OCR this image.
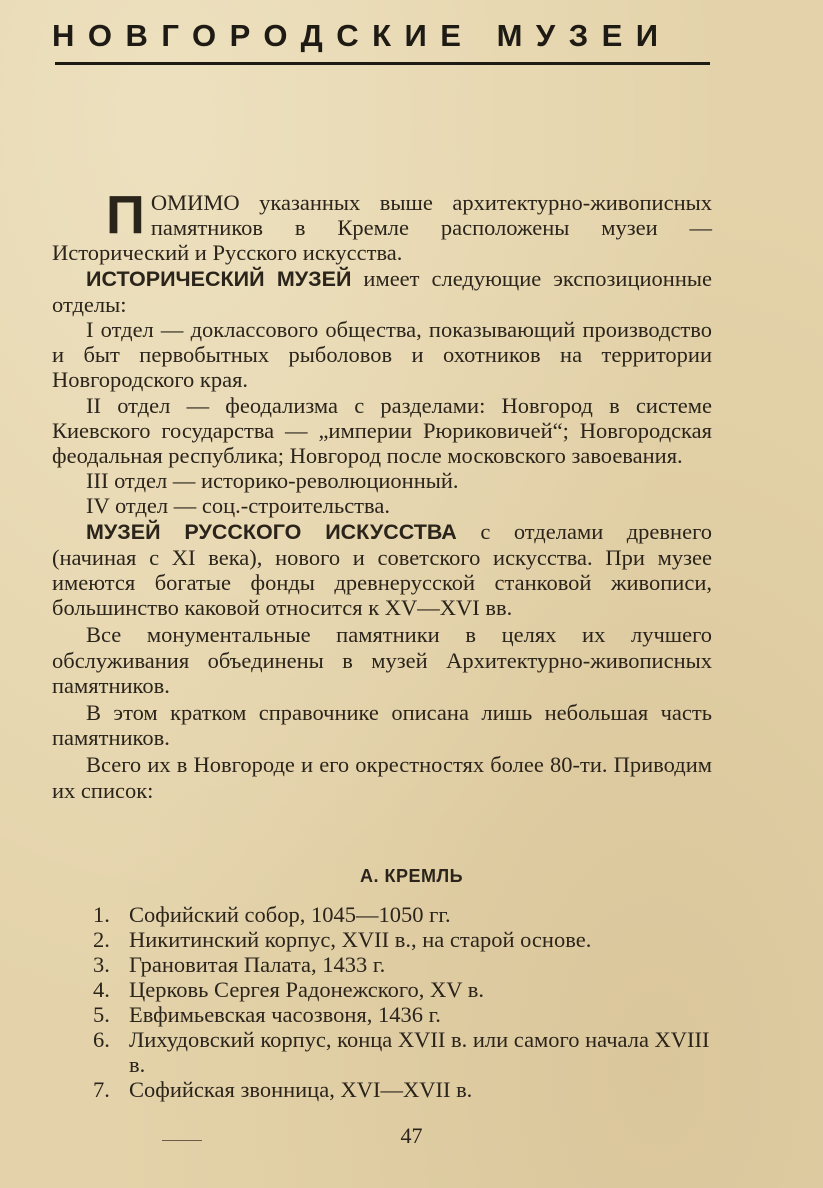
НОВГОРОДСКИЕ МУЗЕИ

ПОМИМО указанных выше архитектурно-живописных памятников в Кремле расположены музеи — Исторический и Русского искусства.

ИСТОРИЧЕСКИЙ МУЗЕЙ имеет следующие экспозиционные отделы:

I отдел — доклассового общества, показывающий производство и быт первобытных рыболовов и охотников на территории Новгородского края.

II отдел — феодализма с разделами: Новгород в системе Киевского государства — „империи Рюриковичей“; Новгородская феодальная республика; Новгород после московского завоевания.

III отдел — историко-революционный.

IV отдел — соц.-строительства.

МУЗЕЙ РУССКОГО ИСКУССТВА с отделами древнего (начиная с XI века), нового и советского искусства. При музее имеются богатые фонды древнерусской станковой живописи, большинство каковой относится к XV—XVI вв.

Все монументальные памятники в целях их лучшего обслуживания объединены в музей Архитектурно-живописных памятников.

В этом кратком справочнике описана лишь небольшая часть памятников.

Всего их в Новгороде и его окрестностях более 80-ти. Приводим их список:

А. КРЕМЛЬ
1. Софийский собор, 1045—1050 гг.
2. Никитинский корпус, XVII в., на старой основе.
3. Грановитая Палата, 1433 г.
4. Церковь Сергея Радонежского, XV в.
5. Евфимьевская часозвоня, 1436 г.
6. Лихудовский корпус, конца XVII в. или самого начала XVIII в.
7. Софийская звонница, XVI—XVII в.
47
